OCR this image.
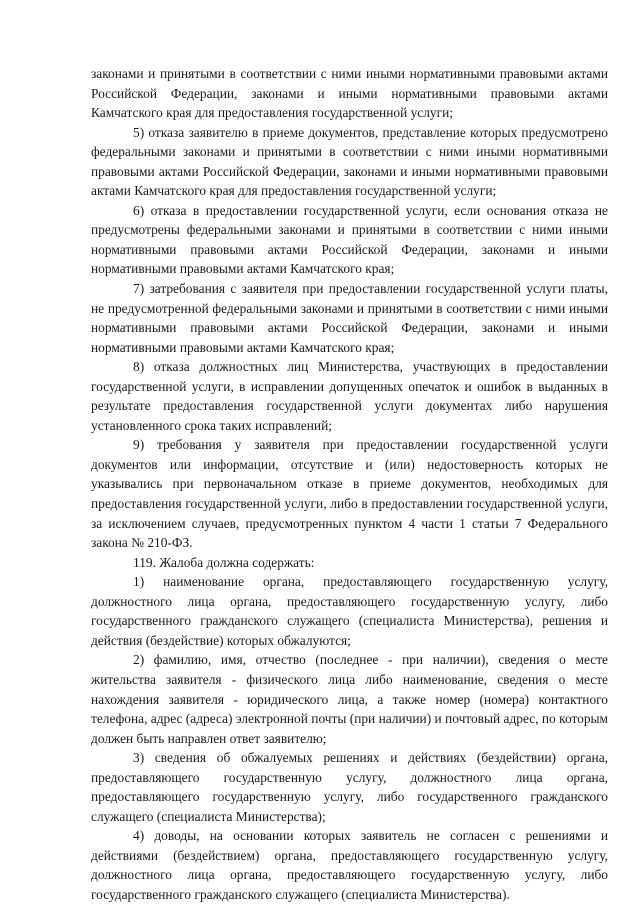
законами и принятыми в соответствии с ними иными нормативными правовыми актами Российской Федерации, законами и иными нормативными правовыми актами Камчатского края для предоставления государственной услуги;

5) отказа заявителю в приеме документов, представление которых предусмотрено федеральными законами и принятыми в соответствии с ними иными нормативными правовыми актами Российской Федерации, законами и иными нормативными правовыми актами Камчатского края для предоставления государственной услуги;

6) отказа в предоставлении государственной услуги, если основания отказа не предусмотрены федеральными законами и принятыми в соответствии с ними иными нормативными правовыми актами Российской Федерации, законами и иными нормативными правовыми актами Камчатского края;

7) затребования с заявителя при предоставлении государственной услуги платы, не предусмотренной федеральными законами и принятыми в соответствии с ними иными нормативными правовыми актами Российской Федерации, законами и иными нормативными правовыми актами Камчатского края;

8) отказа должностных лиц Министерства, участвующих в предоставлении государственной услуги, в исправлении допущенных опечаток и ошибок в выданных в результате предоставления государственной услуги документах либо нарушения установленного срока таких исправлений;

9) требования у заявителя при предоставлении государственной услуги документов или информации, отсутствие и (или) недостоверность которых не указывались при первоначальном отказе в приеме документов, необходимых для предоставления государственной услуги, либо в предоставлении государственной услуги, за исключением случаев, предусмотренных пунктом 4 части 1 статьи 7 Федерального закона № 210-ФЗ.

119. Жалоба должна содержать:

1) наименование органа, предоставляющего государственную услугу, должностного лица органа, предоставляющего государственную услугу, либо государственного гражданского служащего (специалиста Министерства), решения и действия (бездействие) которых обжалуются;

2) фамилию, имя, отчество (последнее - при наличии), сведения о месте жительства заявителя - физического лица либо наименование, сведения о месте нахождения заявителя - юридического лица, а также номер (номера) контактного телефона, адрес (адреса) электронной почты (при наличии) и почтовый адрес, по которым должен быть направлен ответ заявителю;

3) сведения об обжалуемых решениях и действиях (бездействии) органа, предоставляющего государственную услугу, должностного лица органа, предоставляющего государственную услугу, либо государственного гражданского служащего (специалиста Министерства);

4) доводы, на основании которых заявитель не согласен с решениями и действиями (бездействием) органа, предоставляющего государственную услугу, должностного лица органа, предоставляющего государственную услугу, либо государственного гражданского служащего (специалиста Министерства).
